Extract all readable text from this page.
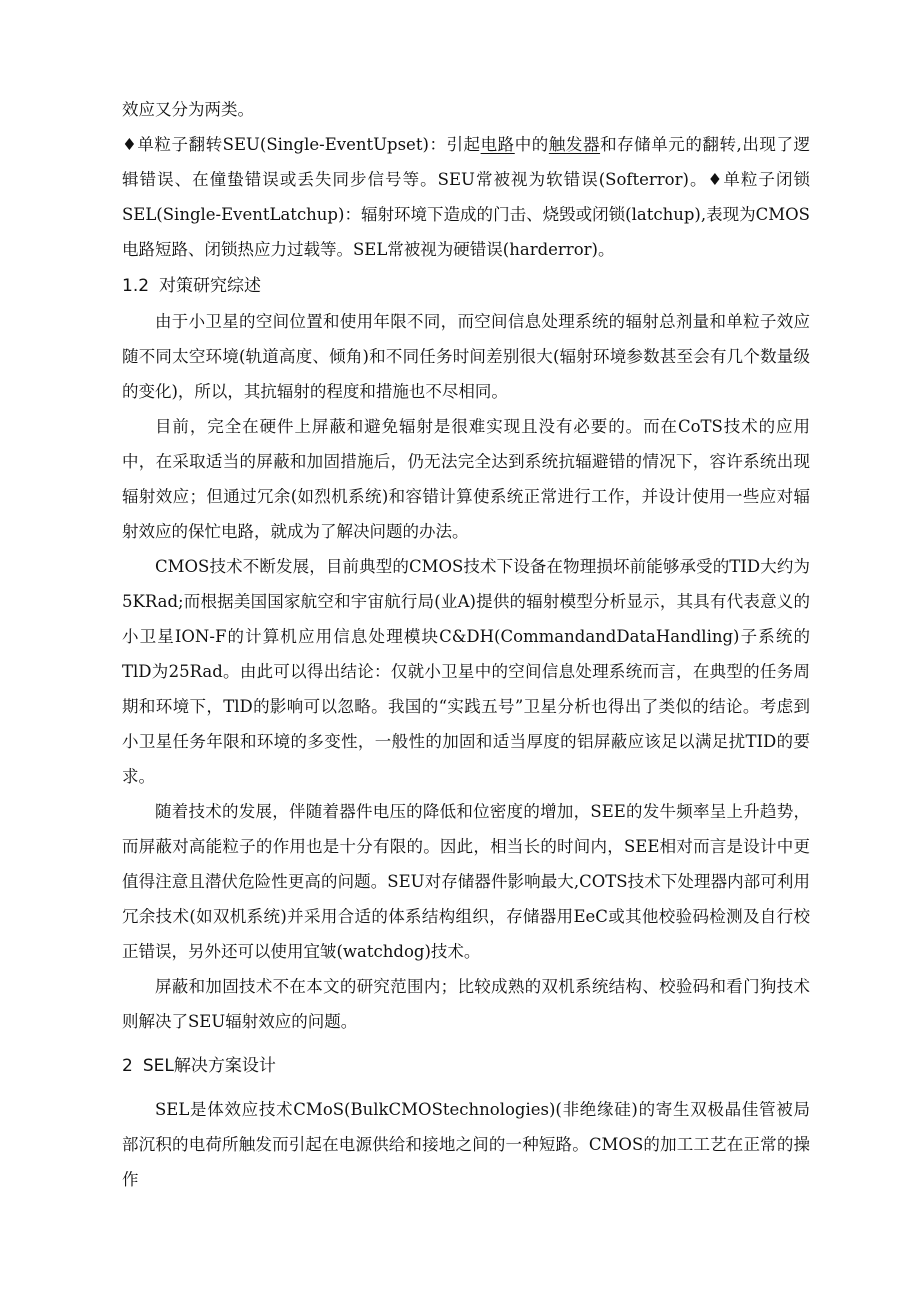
效应又分为两类。

♦单粒子翻转SEU(Single-EventUpset)：引起电路中的触发器和存储单元的翻转,出现了逻辑错误、在僮蛰错误或丢失同步信号等。SEU常被视为软错误(Softerror)。♦单粒子闭锁SEL(Single-EventLatchup)：辐射环境下造成的门击、烧毁或闭锁(latchup),表现为CMOS电路短路、闭锁热应力过载等。SEL常被视为硬错误(harderror)。

1.2 对策研究综述

由于小卫星的空间位置和使用年限不同，而空间信息处理系统的辐射总剂量和单粒子效应随不同太空环境(轨道高度、倾角)和不同任务时间差别很大(辐射环境参数甚至会有几个数量级的变化)，所以，其抗辐射的程度和措施也不尽相同。

目前，完全在硬件上屏蔽和避免辐射是很难实现且没有必要的。而在CoTS技术的应用中，在采取适当的屏蔽和加固措施后，仍无法完全达到系统抗辐避错的情况下，容许系统出现辐射效应；但通过冗余(如烈机系统)和容错计算使系统正常进行工作，并设计使用一些应对辐射效应的保忙电路，就成为了解决问题的办法。

CMOS技术不断发展，目前典型的CMOS技术下设备在物理损坏前能够承受的TID大约为5KRad;而根据美国国家航空和宇宙航行局(业A)提供的辐射模型分析显示，其具有代表意义的小卫星ION-F的计算机应用信息处理模块C&DH(CommandandDataHandling)子系统的TlD为25Rad。由此可以得出结论：仅就小卫星中的空间信息处理系统而言，在典型的任务周期和环境下，TlD的影响可以忽略。我国的“实践五号”卫星分析也得出了类似的结论。考虑到小卫星任务年限和环境的多变性，一般性的加固和适当厚度的铝屏蔽应该足以满足扰TID的要求。

随着技术的发展，伴随着器件电压的降低和位密度的增加，SEE的发牛频率呈上升趋势，而屏蔽对高能粒子的作用也是十分有限的。因此，相当长的时间内，SEE相对而言是设计中更值得注意且潜伏危险性更高的问题。SEU对存储器件影响最大,COTS技术下处理器内部可利用冗余技术(如双机系统)并采用合适的体系结构组织，存储器用EeC或其他校验码检测及自行校正错误，另外还可以使用宜皱(watchdog)技术。

屏蔽和加固技术不在本文的研究范围内；比较成熟的双机系统结构、校验码和看门狗技术则解决了SEU辐射效应的问题。

2 SEL解决方案设计

SEL是体效应技术CMoS(BulkCMOStechnologies)(非绝缘硅)的寄生双极晶佳管被局部沉积的电荷所触发而引起在电源供给和接地之间的一种短路。CMOS的加工工艺在正常的操作
